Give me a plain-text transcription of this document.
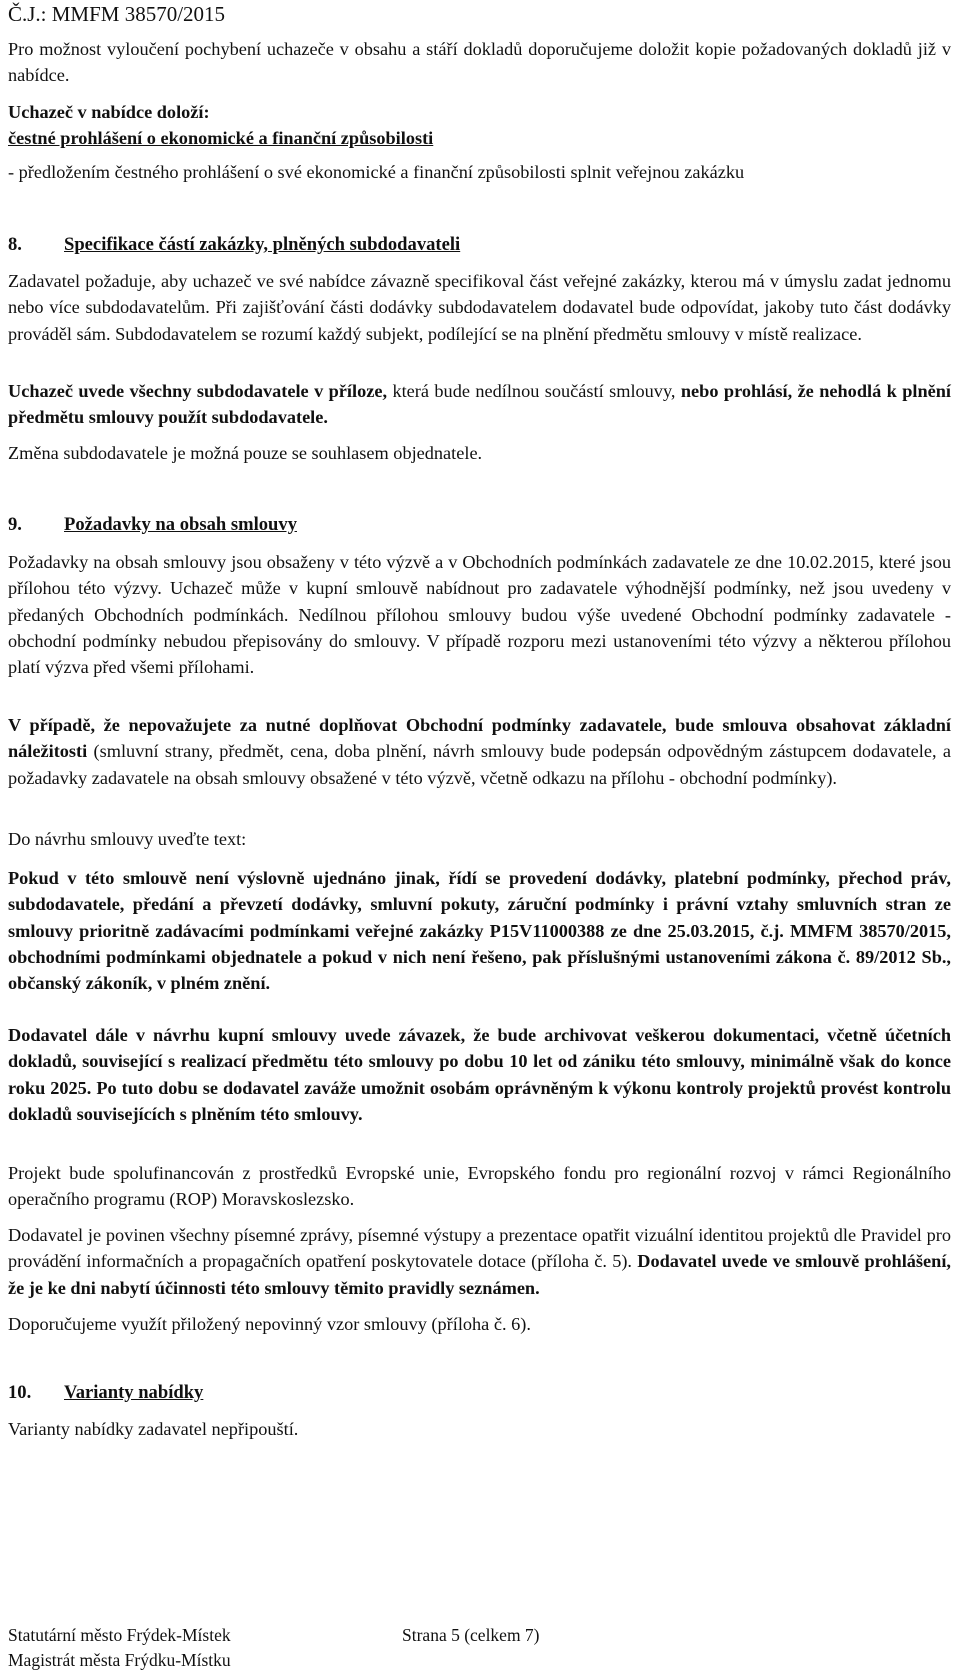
Č.J.: MMFM 38570/2015

Pro možnost vyloučení pochybení uchazeče v obsahu a stáří dokladů doporučujeme doložit kopie požadovaných dokladů již v nabídce.

Uchazeč v nabídce doloží:

čestné prohlášení o ekonomické a finanční způsobilosti

- předložením čestného prohlášení o své ekonomické a finanční způsobilosti splnit veřejnou zakázku

8. Specifikace částí zakázky, plněných subdodavateli

Zadavatel požaduje, aby uchazeč ve své nabídce závazně specifikoval část veřejné zakázky, kterou má v úmyslu zadat jednomu nebo více subdodavatelům. Při zajišťování části dodávky subdodavatelem dodavatel bude odpovídat, jakoby tuto část dodávky prováděl sám. Subdodavatelem se rozumí každý subjekt, podílející se na plnění předmětu smlouvy v místě realizace.

Uchazeč uvede všechny subdodavatele v příloze, která bude nedílnou součástí smlouvy, nebo prohlásí, že nehodlá k plnění předmětu smlouvy použít subdodavatele.

Změna subdodavatele je možná pouze se souhlasem objednatele.

9. Požadavky na obsah smlouvy

Požadavky na obsah smlouvy jsou obsaženy v této výzvě a v Obchodních podmínkách zadavatele ze dne 10.02.2015, které jsou přílohou této výzvy. Uchazeč může v kupní smlouvě nabídnout pro zadavatele výhodnější podmínky, než jsou uvedeny v předaných Obchodních podmínkách. Nedílnou přílohou smlouvy budou výše uvedené Obchodní podmínky zadavatele - obchodní podmínky nebudou přepisovány do smlouvy. V případě rozporu mezi ustanoveními této výzvy a některou přílohou platí výzva před všemi přílohami.

V případě, že nepovažujete za nutné doplňovat Obchodní podmínky zadavatele, bude smlouva obsahovat základní náležitosti (smluvní strany, předmět, cena, doba plnění, návrh smlouvy bude podepsán odpovědným zástupcem dodavatele, a požadavky zadavatele na obsah smlouvy obsažené v této výzvě, včetně odkazu na přílohu - obchodní podmínky).

Do návrhu smlouvy uveďte text:

Pokud v této smlouvě není výslovně ujednáno jinak, řídí se provedení dodávky, platební podmínky, přechod práv, subdodavatele, předání a převzetí dodávky, smluvní pokuty, záruční podmínky i právní vztahy smluvních stran ze smlouvy prioritně zadávacími podmínkami veřejné zakázky P15V11000388 ze dne 25.03.2015, č.j. MMFM 38570/2015, obchodními podmínkami objednatele a pokud v nich není řešeno, pak příslušnými ustanoveními zákona č. 89/2012 Sb., občanský zákoník, v plném znění.

Dodavatel dále v návrhu kupní smlouvy uvede závazek, že bude archivovat veškerou dokumentaci, včetně účetních dokladů, související s realizací předmětu této smlouvy po dobu 10 let od zániku této smlouvy, minimálně však do konce roku 2025. Po tuto dobu se dodavatel zaváže umožnit osobám oprávněným k výkonu kontroly projektů provést kontrolu dokladů souvisejících s plněním této smlouvy.

Projekt bude spolufinancován z prostředků Evropské unie, Evropského fondu pro regionální rozvoj v rámci Regionálního operačního programu (ROP) Moravskoslezsko.

Dodavatel je povinen všechny písemné zprávy, písemné výstupy a prezentace opatřit vizuální identitou projektů dle Pravidel pro provádění informačních a propagačních opatření poskytovatele dotace (příloha č. 5). Dodavatel uvede ve smlouvě prohlášení, že je ke dni nabytí účinnosti této smlouvy těmito pravidly seznámen.

Doporučujeme využít přiložený nepovinný vzor smlouvy (příloha č. 6).

10. Varianty nabídky

Varianty nabídky zadavatel nepřipouští.

Statutární město Frýdek-Místek
Magistrát města Frýdku-Místku
Strana 5 (celkem 7)
